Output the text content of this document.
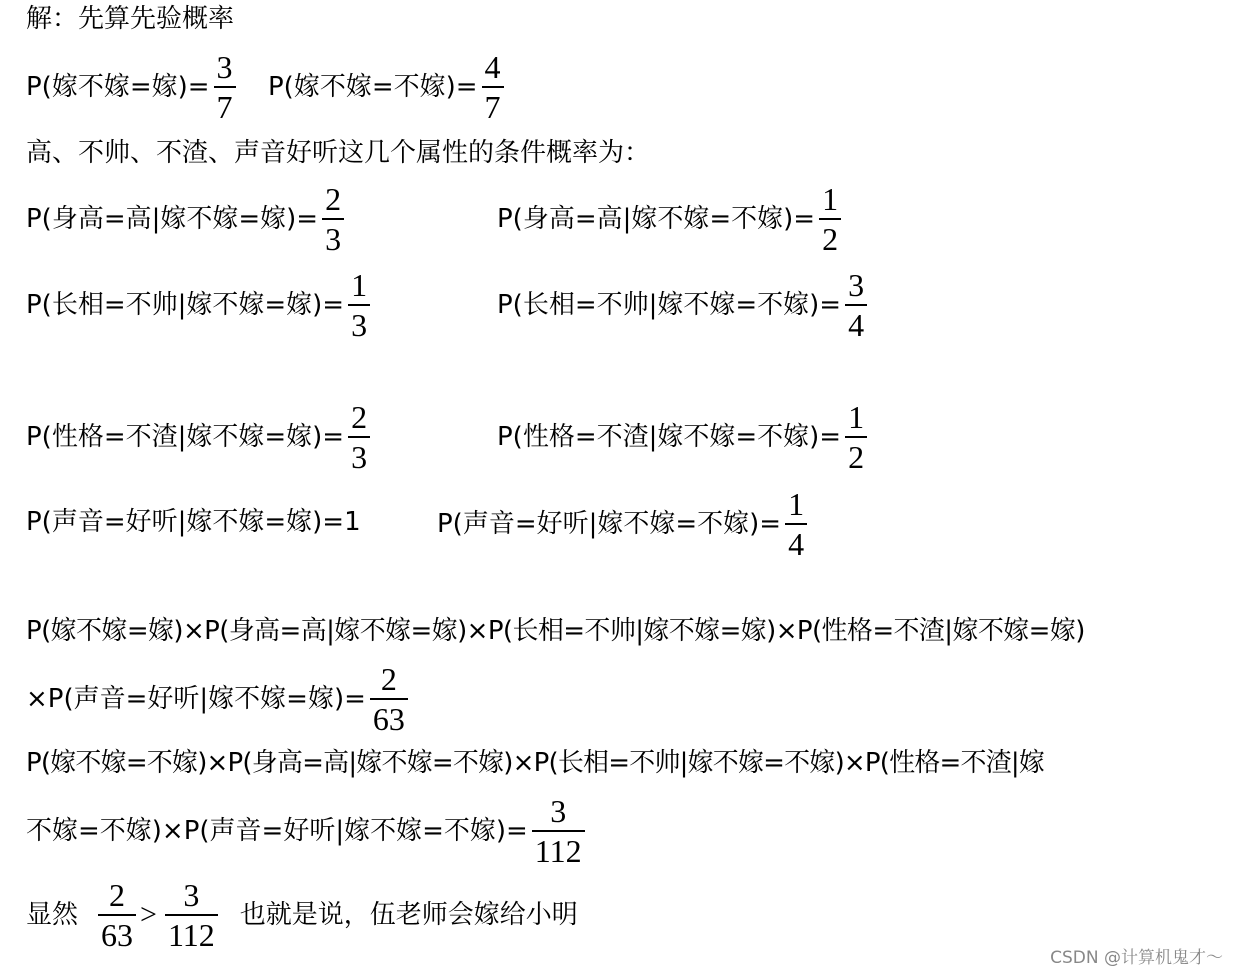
解：先算先验概率
P(嫁不嫁=嫁)= $\frac{3}{7} P$(嫁不嫁=不嫁)= $\frac{4}{7}$
高、不帅、不渣、声音好听这几个属性的条件概率为：
P(身高=高|嫁不嫁=嫁)= $\frac{2}{3}$	P(身高=高|嫁不嫁=不嫁)= $\frac{1}{2}$
P(长相=不帅|嫁不嫁=嫁)= $\frac{1}{3}$	P(长相=不帅|嫁不嫁=不嫁)= $\frac{3}{4}$
P(性格=不渣|嫁不嫁=嫁)= $\frac{2}{3}$	P(性格=不渣|嫁不嫁=不嫁)= $\frac{1}{2}$
P(声音=好听|嫁不嫁=嫁)=1	P(声音=好听|嫁不嫁=不嫁)= $\frac{1}{4}$
P(嫁不嫁=嫁)×P(身高=高|嫁不嫁=嫁)×P(长相=不帅|嫁不嫁=嫁)×P(性格=不渣|嫁不嫁=嫁)
×P(声音=好听|嫁不嫁=嫁)= $\frac{2}{63}$
P(嫁不嫁=不嫁)×P(身高=高|嫁不嫁=不嫁)×P(长相=不帅|嫁不嫁=不嫁)×P(性格=不渣|嫁
不嫁=不嫁)×P(声音=好听|嫁不嫁=不嫁)= $\frac{3}{112}$
显然 $\frac{2}{63} > \frac{3}{112}$ 也就是说，伍老师会嫁给小明
CSDN @计算机鬼才～
